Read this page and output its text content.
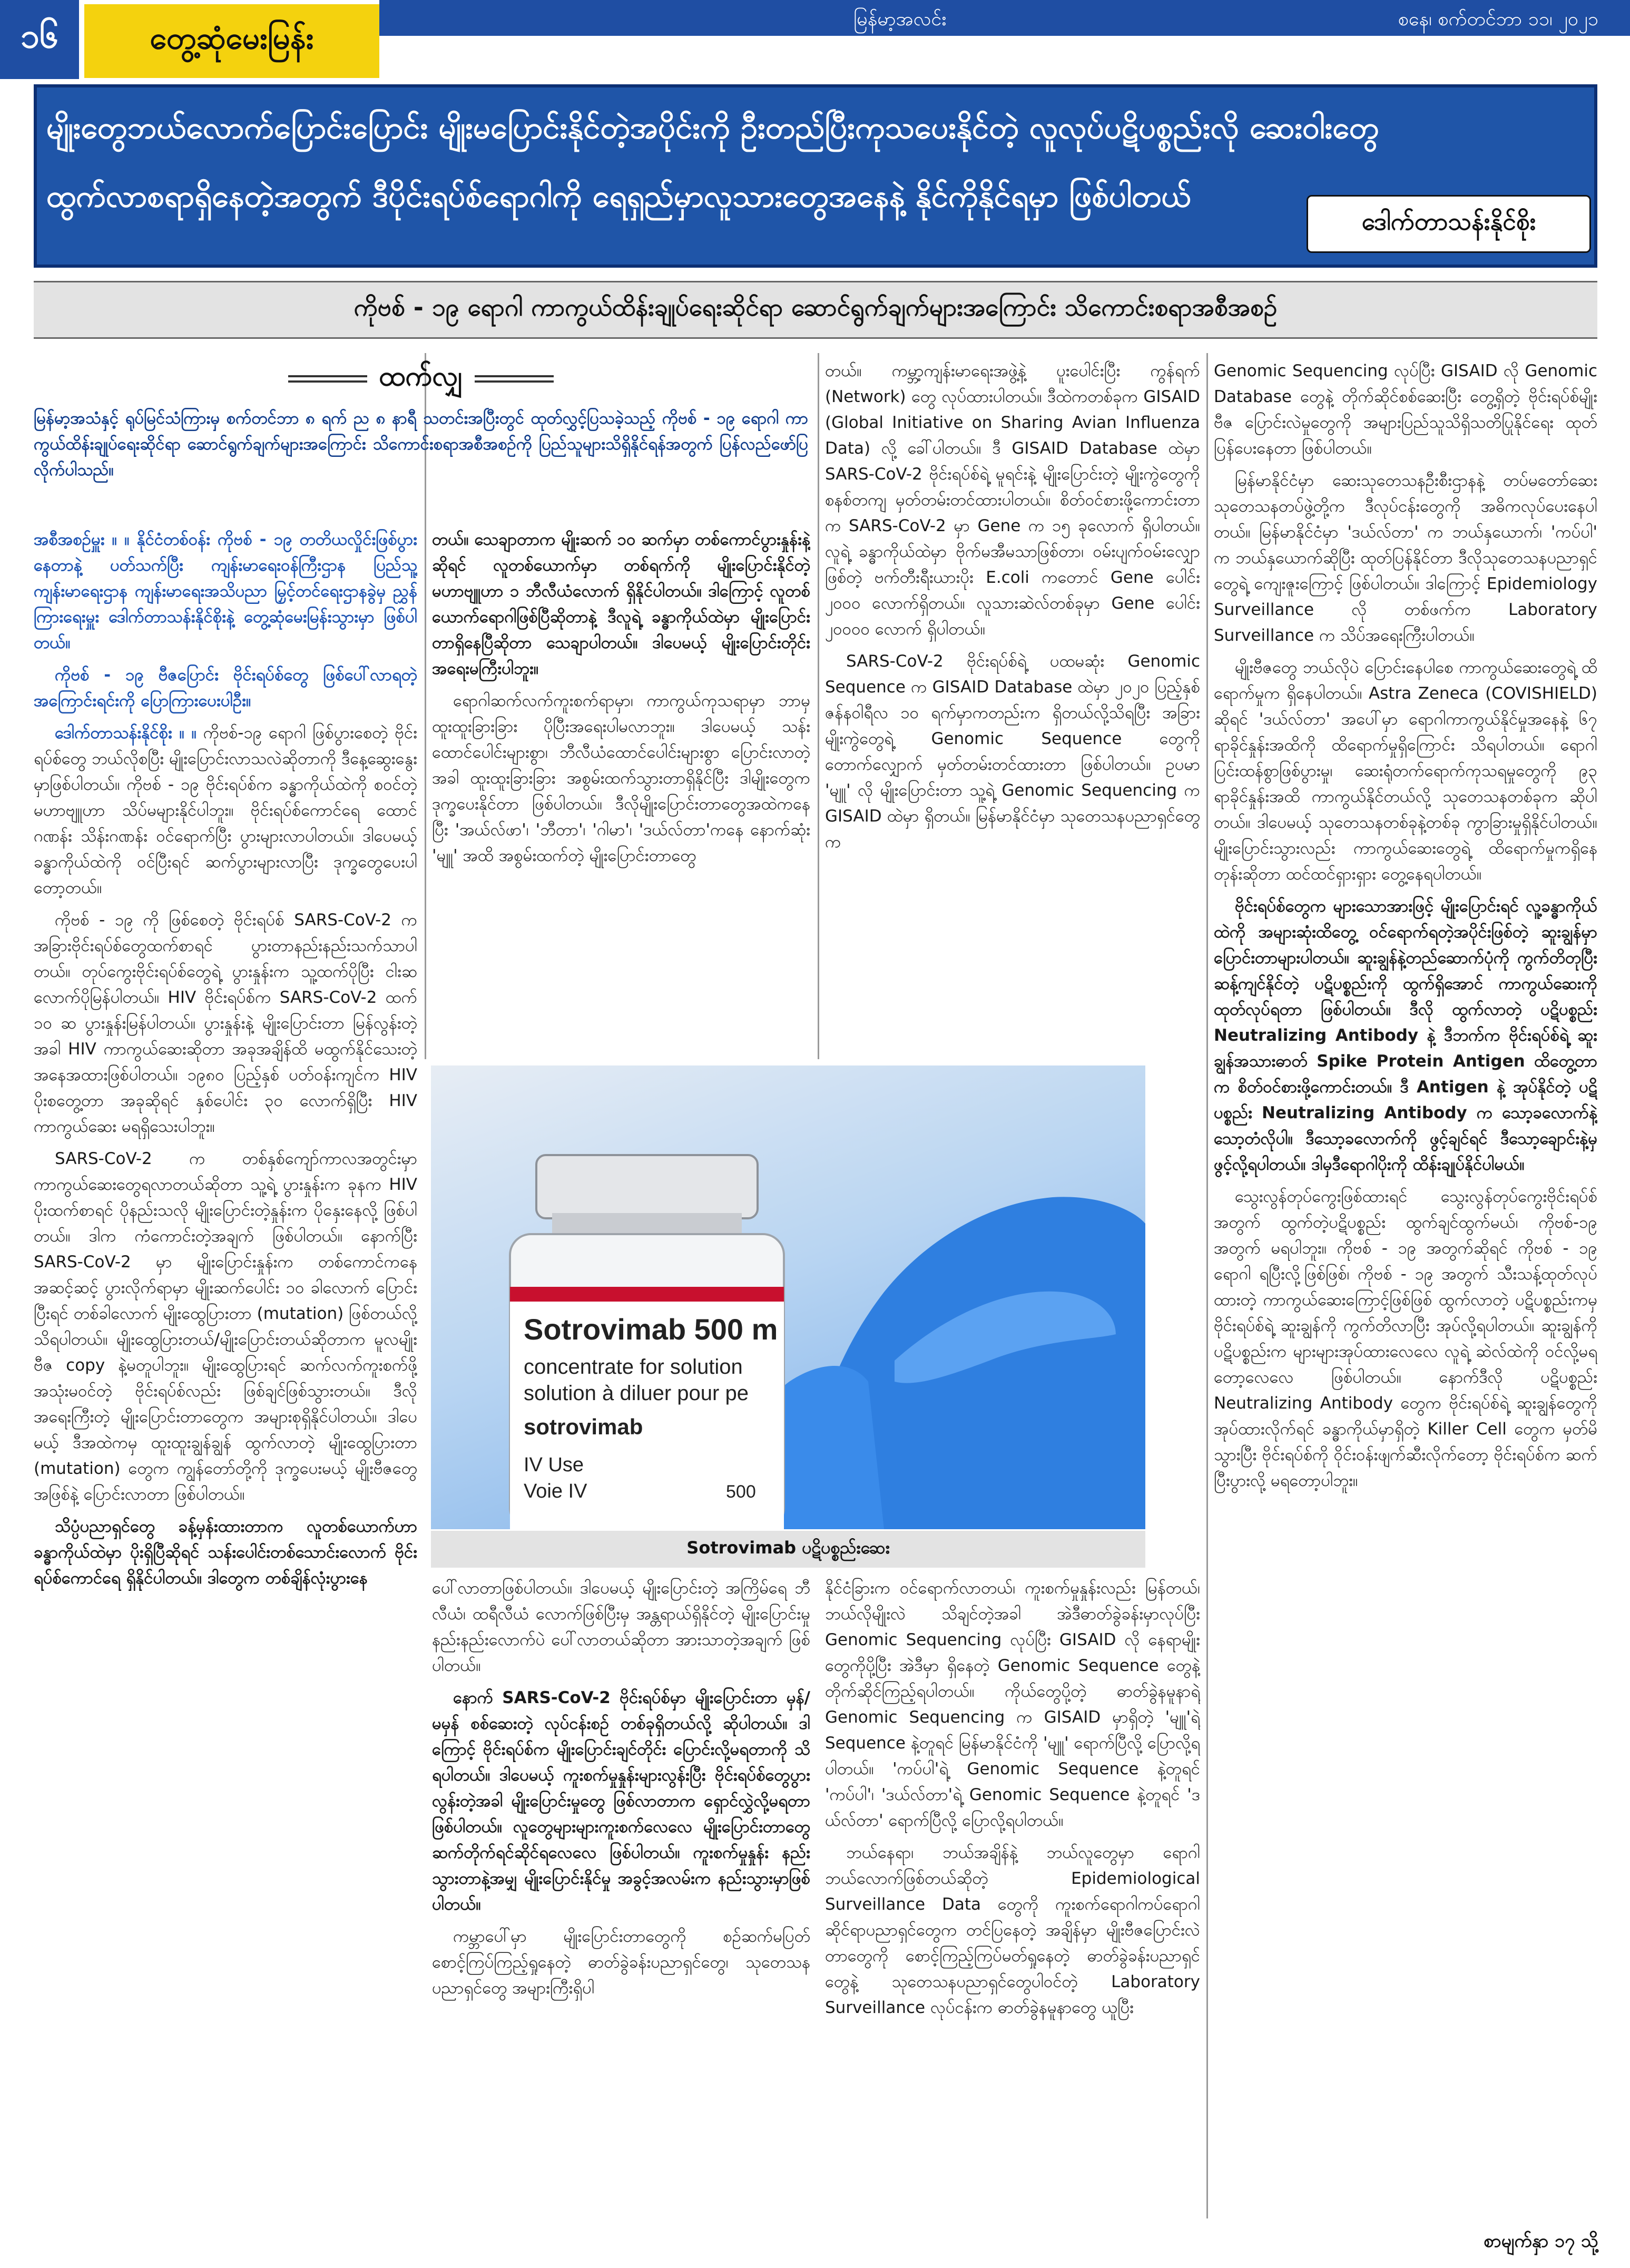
၁၆	တွေ့ဆုံမေးမြန်း
မြန်မာ့အလင်း	စနေ၊ စက်တင်ဘာ ၁၁၊ ၂၀၂၁
မျိုးတွေဘယ်လောက်ပြောင်းပြောင်း မျိုးမပြောင်းနိုင်တဲ့အပိုင်းကို ဦးတည်ပြီးကုသပေးနိုင်တဲ့ လူလုပ်ပဋိပစ္စည်းလို ဆေးဝါးတွေ
ထွက်လာစရာရှိနေတဲ့အတွက် ဒီပိုင်းရပ်စ်ရောဂါကို ရေရှည်မှာလူသားတွေအနေနဲ့ နိုင်ကိုနိုင်ရမှာ ဖြစ်ပါတယ်
ဒေါက်တာသန်းနိုင်စိုး
ကိုဗစ် - ၁၉ ရောဂါ ကာကွယ်ထိန်းချုပ်ရေးဆိုင်ရာ ဆောင်ရွက်ချက်များအကြောင်း သိကောင်းစရာအစီအစဉ်
ထက်လျှ

မြန်မာ့အသံနှင့် ရုပ်မြင်သံကြားမှ စက်တင်ဘာ ၈ ရက် ည ၈ နာရီ သတင်းအပြီးတွင် ထုတ်လွှင့်ပြသခဲ့သည့် ကိုဗစ် - ၁၉ ရောဂါ ကာကွယ်ထိန်းချုပ်ရေးဆိုင်ရာ ဆောင်ရွက်ချက်များအကြောင်း သိကောင်းစရာအစီအစဉ်ကို ပြည်သူများသိရှိနိုင်ရန်အတွက် ပြန်လည်ဖော်ပြလိုက်ပါသည်။

အစီအစဉ်မှူး ။ ။ နိုင်ငံတစ်ဝန်း ကိုဗစ် - ၁၉ တတိယလှိုင်းဖြစ်ပွားနေတာနဲ့ ပတ်သက်ပြီး ကျန်းမာရေးဝန်ကြီးဌာန ပြည်သူ့ကျန်းမာရေးဌာန ကျန်းမာရေးအသိပညာ မြှင့်တင်ရေးဌာနခွဲမှ ညွှန်ကြားရေးမှူး ဒေါက်တာသန်းနိုင်စိုးနဲ့ တွေ့ဆုံမေးမြန်းသွားမှာ ဖြစ်ပါတယ်။

ကိုဗစ် - ၁၉ ဗီဇပြောင်း ဗိုင်းရပ်စ်တွေ ဖြစ်ပေါ်လာရတဲ့ အကြောင်းရင်းကို ပြောကြားပေးပါဦး။

ဒေါက်တာသန်းနိုင်စိုး ။ ။ ကိုဗစ်-၁၉ ရောဂါ ဖြစ်ပွားစေတဲ့ ဗိုင်းရပ်စ်တွေ ဘယ်လိုစပြီး မျိုးပြောင်းလာသလဲဆိုတာကို ဒီနေ့ဆွေးနွေးမှာဖြစ်ပါတယ်။ ကိုဗစ် - ၁၉ ဗိုင်းရပ်စ်က ခန္ဓာကိုယ်ထဲကို စဝင်တဲ့မဟာဗျူဟာ သိပ်မများနိုင်ပါဘူး။ ဗိုင်းရပ်စ်ကောင်ရေ ထောင်ဂဏန်း သိန်းဂဏန်း ဝင်ရောက်ပြီး ပွားများလာပါတယ်။ ဒါပေမယ့် ခန္ဓာကိုယ်ထဲကို ဝင်ပြီးရင် ဆက်ပွားများလာပြီး ဒုက္ခတွေပေးပါတော့တယ်။

ကိုဗစ် - ၁၉ ကို ဖြစ်စေတဲ့ ဗိုင်းရပ်စ် SARS-CoV-2 က အခြားဗိုင်းရပ်စ်တွေထက်စာရင် ပွားတာနည်းနည်းသက်သာပါတယ်။ တုပ်ကွေးဗိုင်းရပ်စ်တွေရဲ့ ပွားနှုန်းက သူ့ထက်ပိုပြီး ငါးဆလောက်ပိုမြန်ပါတယ်။ HIV ဗိုင်းရပ်စ်က SARS-CoV-2 ထက် ၁၀ ဆ ပွားနှုန်းမြန်ပါတယ်။ ပွားနှုန်းနဲ့ မျိုးပြောင်းတာ မြန်လွန်းတဲ့အခါ HIV ကာကွယ်ဆေးဆိုတာ အခုအချိန်ထိ မထွက်နိုင်သေးတဲ့ အနေအထားဖြစ်ပါတယ်။ ၁၉၈၀ ပြည့်နှစ် ပတ်ဝန်းကျင်က HIV ပိုးစတွေ့တာ အခုဆိုရင် နှစ်ပေါင်း ၃၀ လောက်ရှိပြီး HIV ကာကွယ်ဆေး မရရှိသေးပါဘူး။

SARS-CoV-2 က တစ်နှစ်ကျော်ကာလအတွင်းမှာ ကာကွယ်ဆေးတွေရလာတယ်ဆိုတာ သူ့ရဲ့ ပွားနှုန်းက ခုနက HIV ပိုးထက်စာရင် ပိုနည်းသလို မျိုးပြောင်းတဲ့နှုန်းက ပိုနှေးနေလို့ ဖြစ်ပါတယ်။ ဒါက ကံကောင်းတဲ့အချက် ဖြစ်ပါတယ်။ နောက်ပြီး SARS-CoV-2 မှာ မျိုးပြောင်းနှုန်းက တစ်ကောင်ကနေ အဆင့်ဆင့် ပွားလိုက်ရာမှာ မျိုးဆက်ပေါင်း ၁၀ ခါလောက် ပြောင်းပြီးရင် တစ်ခါလောက် မျိုးထွေပြားတာ (mutation) ဖြစ်တယ်လို့ သိရပါတယ်။ မျိုးထွေပြားတယ်/မျိုးပြောင်းတယ်ဆိုတာက မူလမျိုးဗီဇ copy နဲ့မတူပါဘူး။ မျိုးထွေပြားရင် ဆက်လက်ကူးစက်ဖို့ အသုံးမဝင်တဲ့ ဗိုင်းရပ်စ်လည်း ဖြစ်ချင်ဖြစ်သွားတယ်။ ဒီလို အရေးကြီးတဲ့ မျိုးပြောင်းတာတွေက အများစုရှိနိုင်ပါတယ်။ ဒါပေမယ့် ဒီအထဲကမှ ထူးထူးချွန်ချွန် ထွက်လာတဲ့ မျိုးထွေပြားတာ (mutation) တွေက ကျွန်တော်တို့ကို ဒုက္ခပေးမယ့် မျိုးဗီဇတွေအဖြစ်နဲ့ ပြောင်းလာတာ ဖြစ်ပါတယ်။

သိပ္ပံပညာရှင်တွေ ခန့်မှန်းထားတာက လူတစ်ယောက်ဟာ ခန္ဓာကိုယ်ထဲမှာ ပိုးရှိပြီဆိုရင် သန်းပေါင်းတစ်သောင်းလောက် ဗိုင်းရပ်စ်ကောင်ရေ ရှိနိုင်ပါတယ်။ ဒါတွေက တစ်ချိန်လုံးပွားနေ

တယ်။ သေချာတာက မျိုးဆက် ၁၀ ဆက်မှာ တစ်ကောင်ပွားနှုန်းနဲ့ဆိုရင် လူတစ်ယောက်မှာ တစ်ရက်ကို မျိုးပြောင်းနိုင်တဲ့မဟာဗျူဟာ ၁ ဘီလီယံလောက် ရှိနိုင်ပါတယ်။ ဒါကြောင့် လူတစ်ယောက်ရောဂါဖြစ်ပြီဆိုတာနဲ့ ဒီလူရဲ့ ခန္ဓာကိုယ်ထဲမှာ မျိုးပြောင်းတာရှိနေပြီဆိုတာ သေချာပါတယ်။ ဒါပေမယ့် မျိုးပြောင်းတိုင်း အရေးမကြီးပါဘူး။

ရောဂါဆက်လက်ကူးစက်ရာမှာ၊ ကာကွယ်ကုသရာမှာ ဘာမှထူးထူးခြားခြား ပိုပြီးအရေးပါမလာဘူး။ ဒါပေမယ့် သန်းထောင်ပေါင်းများစွာ၊ ဘီလီယံထောင်ပေါင်းများစွာ ပြောင်းလာတဲ့အခါ ထူးထူးခြားခြား အစွမ်းထက်သွားတာရှိနိုင်ပြီး ဒါမျိုးတွေက ဒုက္ခပေးနိုင်တာ ဖြစ်ပါတယ်။ ဒီလိုမျိုးပြောင်းတာတွေအထဲကနေပြီး 'အယ်လ်ဖာ'၊ 'ဘီတာ'၊ 'ဂါမာ'၊ 'ဒယ်လ်တာ'ကနေ နောက်ဆုံး 'မျူ' အထိ အစွမ်းထက်တဲ့ မျိုးပြောင်းတာတွေ

တယ်။ ကမ္ဘာ့ကျန်းမာရေးအဖွဲ့နဲ့ ပူးပေါင်းပြီး ကွန်ရက် (Network) တွေ လုပ်ထားပါတယ်။ ဒီထဲကတစ်ခုက GISAID (Global Initiative on Sharing Avian Influenza Data) လို့ ခေါ်ပါတယ်။ ဒီ GISAID Database ထဲမှာ SARS-CoV-2 ဗိုင်းရပ်စ်ရဲ့ မူရင်းနဲ့ မျိုးပြောင်းတဲ့ မျိုးကွဲတွေကို စနစ်တကျ မှတ်တမ်းတင်ထားပါတယ်။ စိတ်ဝင်စားဖို့ကောင်းတာက SARS-CoV-2 မှာ Gene က ၁၅ ခုလောက် ရှိပါတယ်။ လူရဲ့ ခန္ဓာကိုယ်ထဲမှာ ဗိုက်မအီမသာဖြစ်တာ၊ ဝမ်းပျက်ဝမ်းလျှောဖြစ်တဲ့ ဗက်တီးရီးယားပိုး E.coli ကတောင် Gene ပေါင်း ၂၀၀၀ လောက်ရှိတယ်။ လူသားဆဲလ်တစ်ခုမှာ Gene ပေါင်း ၂၀၀၀၀ လောက် ရှိပါတယ်။

SARS-CoV-2 ဗိုင်းရပ်စ်ရဲ့ ပထမဆုံး Genomic Sequence က GISAID Database ထဲမှာ ၂၀၂၀ ပြည့်နှစ် ဇန်နဝါရီလ ၁၀ ရက်မှာကတည်းက ရှိတယ်လို့သိရပြီး အခြားမျိုးကွဲတွေရဲ့ Genomic Sequence တွေကို တောက်လျှောက် မှတ်တမ်းတင်ထားတာ ဖြစ်ပါတယ်။ ဥပမာ 'မျူ' လို မျိုးပြောင်းတာ သူ့ရဲ့ Genomic Sequencing က GISAID ထဲမှာ ရှိတယ်။ မြန်မာနိုင်ငံမှာ သုတေသနပညာရှင်တွေက

Sotrovimab 500 m
concentrate for solution
solution à diluer pour pe
sotrovimab
IV Use
Voie IV	500
Sotrovimab ပဋိပစ္စည်းဆေး

ပေါ်လာတာဖြစ်ပါတယ်။ ဒါပေမယ့် မျိုးပြောင်းတဲ့ အကြိမ်ရေ ဘီလီယံ၊ ထရီလီယံ လောက်ဖြစ်ပြီးမှ အန္တရာယ်ရှိနိုင်တဲ့ မျိုးပြောင်းမှု နည်းနည်းလောက်ပဲ ပေါ်လာတယ်ဆိုတာ အားသာတဲ့အချက် ဖြစ်ပါတယ်။

နောက် SARS-CoV-2 ဗိုင်းရပ်စ်မှာ မျိုးပြောင်းတာ မှန်/ မမှန် စစ်ဆေးတဲ့ လုပ်ငန်းစဉ် တစ်ခုရှိတယ်လို့ ဆိုပါတယ်။ ဒါကြောင့် ဗိုင်းရပ်စ်က မျိုးပြောင်းချင်တိုင်း ပြောင်းလို့မရတာကို သိရပါတယ်။ ဒါပေမယ့် ကူးစက်မှုနှုန်းများလွန်းပြီး ဗိုင်းရပ်စ်တွေပွားလွန်းတဲ့အခါ မျိုးပြောင်းမှုတွေ ဖြစ်လာတာက ရှောင်လွှဲလို့မရတာ ဖြစ်ပါတယ်။ လူတွေများများကူးစက်လေလေ မျိုးပြောင်းတာတွေ ဆက်တိုက်ရင်ဆိုင်ရလေလေ ဖြစ်ပါတယ်။ ကူးစက်မှုနှုန်း နည်းသွားတာနဲ့အမျှ မျိုးပြောင်းနိုင်မှု အခွင့်အလမ်းက နည်းသွားမှာဖြစ်ပါတယ်။

ကမ္ဘာပေါ်မှာ မျိုးပြောင်းတာတွေကို စဉ်ဆက်မပြတ် စောင့်ကြပ်ကြည့်ရှုနေတဲ့ ဓာတ်ခွဲခန်းပညာရှင်တွေ၊ သုတေသနပညာရှင်တွေ အများကြီးရှိပါ

နိုင်ငံခြားက ဝင်ရောက်လာတယ်၊ ကူးစက်မှုနှုန်းလည်း မြန်တယ်၊ ဘယ်လိုမျိုးလဲ သိချင်တဲ့အခါ အဲဒီဓာတ်ခွဲခန်းမှာလုပ်ပြီး Genomic Sequencing လုပ်ပြီး GISAID လို နေရာမျိုးတွေကိုပို့ပြီး အဲဒီမှာ ရှိနေတဲ့ Genomic Sequence တွေနဲ့ တိုက်ဆိုင်ကြည့်ရပါတယ်။ ကိုယ်တွေပို့တဲ့ ဓာတ်ခွဲနမူနာရဲ့ Genomic Sequencing က GISAID မှာရှိတဲ့ 'မျူ'ရဲ့ Sequence နဲ့တူရင် မြန်မာနိုင်ငံကို 'မျူ' ရောက်ပြီလို့ ပြောလို့ရပါတယ်။ 'ကပ်ပါ'ရဲ့ Genomic Sequence နဲ့တူရင် 'ကပ်ပါ'၊ 'ဒယ်လ်တာ'ရဲ့ Genomic Sequence နဲ့တူရင် 'ဒယ်လ်တာ' ရောက်ပြီလို့ ပြောလို့ရပါတယ်။

ဘယ်နေရာ၊ ဘယ်အချိန်နဲ့ ဘယ်လူတွေမှာ ရောဂါဘယ်လောက်ဖြစ်တယ်ဆိုတဲ့ Epidemiological Surveillance Data တွေကို ကူးစက်ရောဂါကပ်ရောဂါဆိုင်ရာပညာရှင်တွေက တင်ပြနေတဲ့ အချိန်မှာ မျိုးဗီဇပြောင်းလဲတာတွေကို စောင့်ကြည့်ကြပ်မတ်ရှုနေတဲ့ ဓာတ်ခွဲခန်းပညာရှင်တွေနဲ့ သုတေသနပညာရှင်တွေပါဝင်တဲ့ Laboratory Surveillance လုပ်ငန်းက ဓာတ်ခွဲနမူနာတွေ ယူပြီး

Genomic Sequencing လုပ်ပြီး GISAID လို Genomic Database တွေနဲ့ တိုက်ဆိုင်စစ်ဆေးပြီး တွေ့ရှိတဲ့ ဗိုင်းရပ်စ်မျိုးဗီဇ ပြောင်းလဲမှုတွေကို အများပြည်သူသိရှိသတိပြုနိုင်ရေး ထုတ်ပြန်ပေးနေတာ ဖြစ်ပါတယ်။

မြန်မာနိုင်ငံမှာ ဆေးသုတေသနဦးစီးဌာနနဲ့ တပ်မတော်ဆေးသုတေသနတပ်ဖွဲ့တို့က ဒီလုပ်ငန်းတွေကို အဓိကလုပ်ပေးနေပါတယ်။ မြန်မာနိုင်ငံမှာ 'ဒယ်လ်တာ' က ဘယ်နှယောက်၊ 'ကပ်ပါ' က ဘယ်နှယောက်ဆိုပြီး ထုတ်ပြန်နိုင်တာ ဒီလိုသုတေသနပညာရှင်တွေရဲ့ ကျေးဇူးကြောင့် ဖြစ်ပါတယ်။ ဒါကြောင့် Epidemiology Surveillance လို တစ်ဖက်က Laboratory Surveillance က သိပ်အရေးကြီးပါတယ်။

မျိုးဗီဇတွေ ဘယ်လိုပဲ ပြောင်းနေပါစေ ကာကွယ်ဆေးတွေရဲ့ ထိရောက်မှုက ရှိနေပါတယ်။ Astra Zeneca (COVISHIELD) ဆိုရင် 'ဒယ်လ်တာ' အပေါ်မှာ ရောဂါကာကွယ်နိုင်မှုအနေနဲ့ ၆၇ ရာခိုင်နှုန်းအထိကို ထိရောက်မှုရှိကြောင်း သိရပါတယ်။ ရောဂါပြင်းထန်စွာဖြစ်ပွားမှု၊ ဆေးရုံတက်ရောက်ကုသရမှုတွေကို ၉၃ ရာခိုင်နှုန်းအထိ ကာကွယ်နိုင်တယ်လို့ သုတေသနတစ်ခုက ဆိုပါတယ်။ ဒါပေမယ့် သုတေသနတစ်ခုနဲ့တစ်ခု ကွာခြားမှုရှိနိုင်ပါတယ်။ မျိုးပြောင်းသွားလည်း ကာကွယ်ဆေးတွေရဲ့ ထိရောက်မှုကရှိနေတုန်းဆိုတာ ထင်ထင်ရှားရှား တွေ့နေရပါတယ်။

ဗိုင်းရပ်စ်တွေက များသောအားဖြင့် မျိုးပြောင်းရင် လူ့ခန္ဓာကိုယ်ထဲကို အများဆုံးထိတွေ့ ဝင်ရောက်ရတဲ့အပိုင်းဖြစ်တဲ့ ဆူးချွန်မှာ ပြောင်းတာများပါတယ်။ ဆူးချွန်နဲ့တည်ဆောက်ပုံကို ကွက်တိတုပြီး ဆန့်ကျင်နိုင်တဲ့ ပဋိပစ္စည်းကို ထွက်ရှိအောင် ကာကွယ်ဆေးကို ထုတ်လုပ်ရတာ ဖြစ်ပါတယ်။ ဒီလို ထွက်လာတဲ့ ပဋိပစ္စည်း Neutralizing Antibody နဲ့ ဒီဘက်က ဗိုင်းရပ်စ်ရဲ့ ဆူးချွန်အသားဓာတ် Spike Protein Antigen ထိတွေ့တာက စိတ်ဝင်စားဖို့ကောင်းတယ်။ ဒီ Antigen နဲ့ အုပ်နိုင်တဲ့ ပဋိပစ္စည်း Neutralizing Antibody က သော့ခလောက်နဲ့ သော့တံလိုပါ။ ဒီသော့ခလောက်ကို ဖွင့်ချင်ရင် ဒီသော့ချောင်းနဲ့မှ ဖွင့်လို့ရပါတယ်။ ဒါမှဒီရောဂါပိုးကို ထိန်းချုပ်နိုင်ပါမယ်။

သွေးလွန်တုပ်ကွေးဖြစ်ထားရင် သွေးလွန်တုပ်ကွေးဗိုင်းရပ်စ်အတွက် ထွက်တဲ့ပဋိပစ္စည်း ထွက်ချင်ထွက်မယ်၊ ကိုဗစ်-၁၉ အတွက် မရပါဘူး။ ကိုဗစ် - ၁၉ အတွက်ဆိုရင် ကိုဗစ် - ၁၉ ရောဂါ ရပြီးလို့ဖြစ်ဖြစ်၊ ကိုဗစ် - ၁၉ အတွက် သီးသန့်ထုတ်လုပ်ထားတဲ့ ကာကွယ်ဆေးကြောင့်ဖြစ်ဖြစ် ထွက်လာတဲ့ ပဋိပစ္စည်းကမှ ဗိုင်းရပ်စ်ရဲ့ ဆူးချွန်ကို ကွက်တိလာပြီး အုပ်လို့ရပါတယ်။ ဆူးချွန်ကို ပဋိပစ္စည်းက များများအုပ်ထားလေလေ လူရဲ့ ဆဲလ်ထဲကို ဝင်လို့မရတော့လေလေ ဖြစ်ပါတယ်။ နောက်ဒီလို ပဋိပစ္စည်း Neutralizing Antibody တွေက ဗိုင်းရပ်စ်ရဲ့ ဆူးချွန်တွေကို အုပ်ထားလိုက်ရင် ခန္ဓာကိုယ်မှာရှိတဲ့ Killer Cell တွေက မှတ်မိသွားပြီး ဗိုင်းရပ်စ်ကို ဝိုင်းဝန်းဖျက်ဆီးလိုက်တော့ ဗိုင်းရပ်စ်က ဆက်ပြီးပွားလို့ မရတော့ပါဘူး။

စာမျက်နှာ ၁၇ သို့
